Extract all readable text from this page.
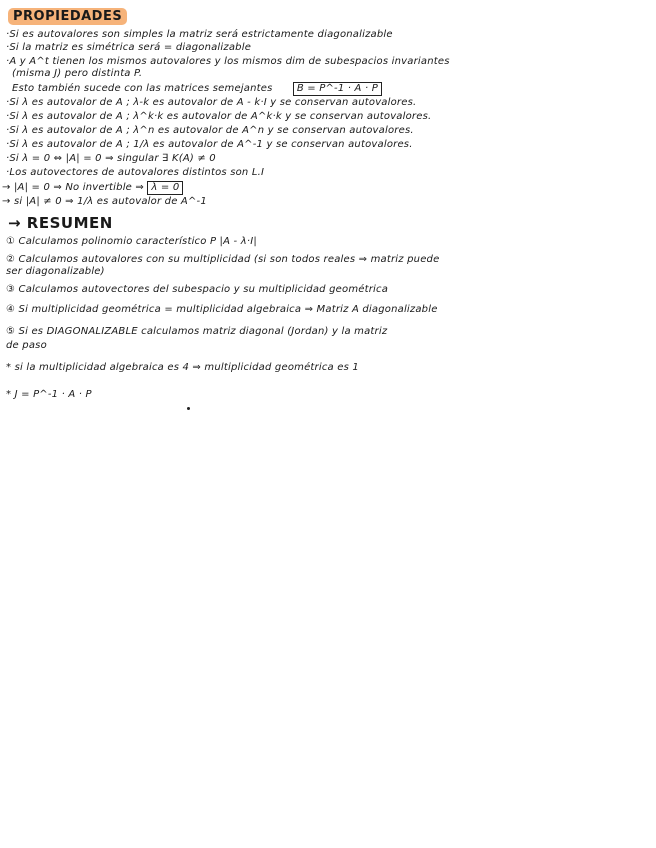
PROPIEDADES
·Si es autovalores son simples la matriz será estrictamente diagonalizable
·Si la matriz es simétrica será = diagonalizable
·A y A^t tienen los mismos autovalores y los mismos dim de subespacios invariantes
(misma J) pero distinta P.
Esto también sucede con las matrices semejantes B = P^-1 · A · P
·Si λ es autovalor de A ; λ-k es autovalor de A - k·I y se conservan autovalores.
·Si λ es autovalor de A ; λ^k·k es autovalor de A^k·k y se conservan autovalores.
·Si λ es autovalor de A ; λ^n es autovalor de A^n y se conservan autovalores.
·Si λ es autovalor de A ; 1/λ es autovalor de A^-1 y se conservan autovalores.
·Si λ = 0 ⇔ |A| = 0 ⇒ singular ∃ K(A) ≠ 0
·Los autovectores de autovalores distintos son L.I
→ |A| = 0 ⇒ No invertible ⇒ λ = 0
→ si |A| ≠ 0 ⇒ 1/λ es autovalor de A^-1
→ RESUMEN
① Calculamos polinomio característico P |A - λ·I|
② Calculamos autovalores con su multiplicidad (si son todos reales ⇒ matriz puede
ser diagonalizable)
③ Calculamos autovectores del subespacio y su multiplicidad geométrica
④ Si multiplicidad geométrica = multiplicidad algebraica ⇒ Matriz A diagonalizable
⑤ Si es DIAGONALIZABLE calculamos matriz diagonal (Jordan) y la matriz
de paso
* si la multiplicidad algebraica es 4 ⇒ multiplicidad geométrica es 1
* J = P^-1 · A · P
